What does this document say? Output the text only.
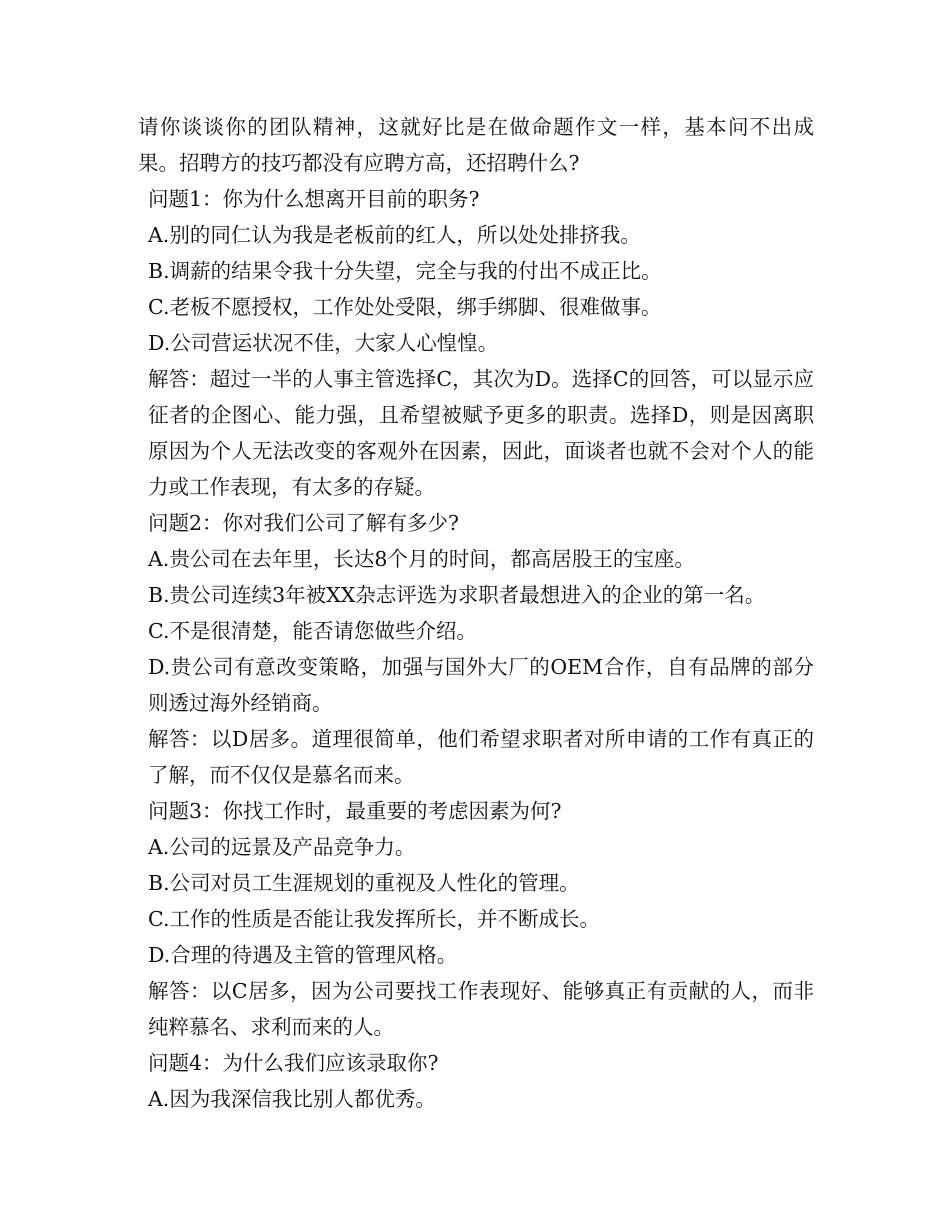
请你谈谈你的团队精神，这就好比是在做命题作文一样，基本问不出成果。招聘方的技巧都没有应聘方高，还招聘什么?

问题1：你为什么想离开目前的职务?

A.别的同仁认为我是老板前的红人，所以处处排挤我。

B.调薪的结果令我十分失望，完全与我的付出不成正比。

C.老板不愿授权，工作处处受限，绑手绑脚、很难做事。

D.公司营运状况不佳，大家人心惶惶。

解答：超过一半的人事主管选择C，其次为D。选择C的回答，可以显示应征者的企图心、能力强，且希望被赋予更多的职责。选择D，则是因离职原因为个人无法改变的客观外在因素，因此，面谈者也就不会对个人的能力或工作表现，有太多的存疑。

问题2：你对我们公司了解有多少?

A.贵公司在去年里，长达8个月的时间，都高居股王的宝座。

B.贵公司连续3年被XX杂志评选为求职者最想进入的企业的第一名。

C.不是很清楚，能否请您做些介绍。

D.贵公司有意改变策略，加强与国外大厂的OEM合作，自有品牌的部分则透过海外经销商。

解答：以D居多。道理很简单，他们希望求职者对所申请的工作有真正的了解，而不仅仅是慕名而来。

问题3：你找工作时，最重要的考虑因素为何?

A.公司的远景及产品竞争力。

B.公司对员工生涯规划的重视及人性化的管理。

C.工作的性质是否能让我发挥所长，并不断成长。

D.合理的待遇及主管的管理风格。

解答：以C居多，因为公司要找工作表现好、能够真正有贡献的人，而非纯粹慕名、求利而来的人。

问题4：为什么我们应该录取你?

A.因为我深信我比别人都优秀。
